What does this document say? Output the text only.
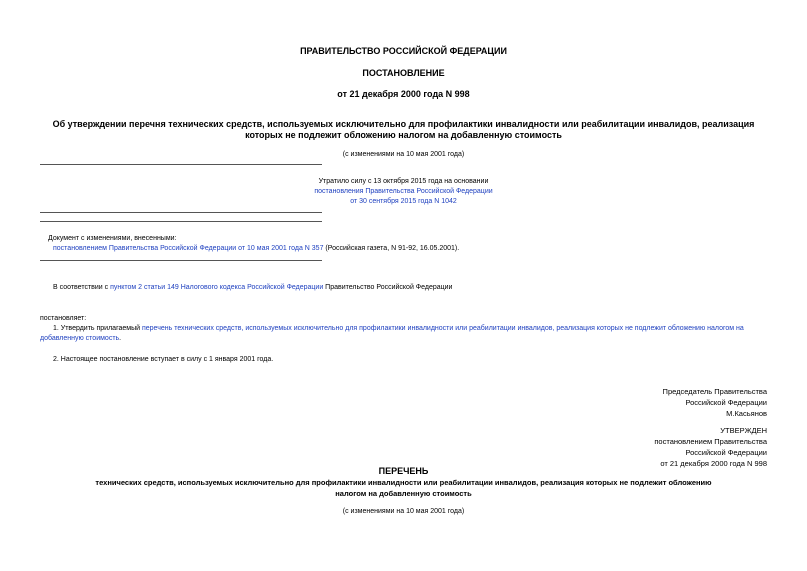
ПРАВИТЕЛЬСТВО РОССИЙСКОЙ ФЕДЕРАЦИИ
ПОСТАНОВЛЕНИЕ
от 21 декабря 2000 года N 998
Об утверждении перечня технических средств, используемых исключительно для профилактики инвалидности или реабилитации инвалидов, реализация
которых не подлежит обложению налогом на добавленную стоимость
(с изменениями на 10 мая 2001 года)
Утратило силу с 13 октября 2015 года на основании
постановления Правительства Российской Федерации
от 30 сентября 2015 года N 1042
Документ с изменениями, внесенными:
постановлением Правительства Российской Федерации от 10 мая 2001 года N 357 (Российская газета, N 91-92, 16.05.2001).
В соответствии с пунктом 2 статьи 149 Налогового кодекса Российской Федерации Правительство Российской Федерации
постановляет:
1. Утвердить прилагаемый перечень технических средств, используемых исключительно для профилактики инвалидности или реабилитации инвалидов, реализация которых не подлежит обложению налогом на
добавленную стоимость.
2. Настоящее постановление вступает в силу с 1 января 2001 года.
Председатель Правительства
Российской Федерации
М.Касьянов
УТВЕРЖДЕН
постановлением Правительства
Российской Федерации
от 21 декабря 2000 года N 998
ПЕРЕЧЕНЬ
технических средств, используемых исключительно для профилактики инвалидности или реабилитации инвалидов, реализация которых не подлежит обложению
налогом на добавленную стоимость
(с изменениями на 10 мая 2001 года)
